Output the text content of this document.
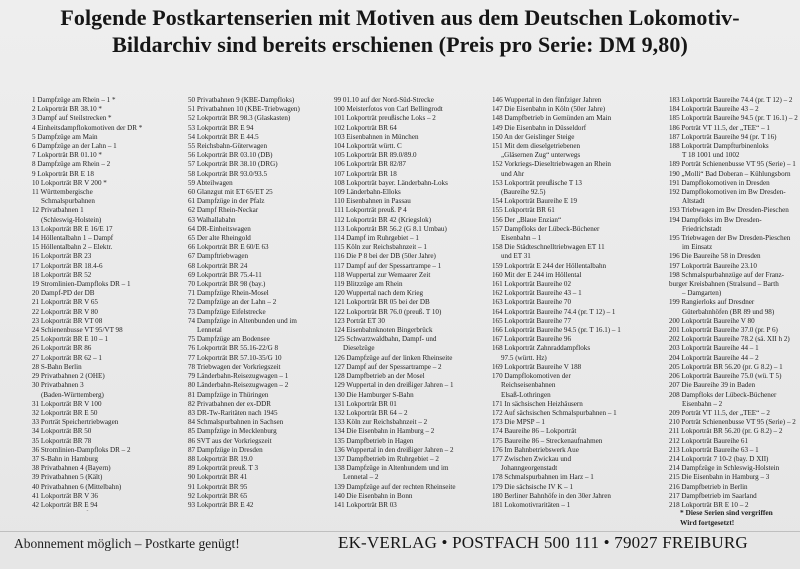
Folgende Postkartenserien mit Motiven aus dem Deutschen Lokomotiv-
Bildarchiv sind bereits erschienen (Preis pro Serie: DM 9,80)
1 Dampfzüge am Rhein – 1 *
2 Lokporträt BR 38.10 *
3 Dampf auf Steilstrecken *
4 Einheitsdampflokomotiven der DR *
5 Dampfzüge am Main
6 Dampfzüge an der Lahn – 1
7 Lokporträt BR 01.10 *
8 Dampfzüge am Rhein – 2
9 Lokporträt BR E 18
10 Lokporträt BR V 200 *
11 Württembergische
Schmalspurbahnen
12 Privatbahnen 1
(Schleswig-Holstein)
13 Lokporträt BR E 16/E 17
14 Höllentalbahn 1 – Dampf
15 Höllentalbahn 2 – Elektr.
16 Lokporträt BR 23
17 Lokporträt BR 18.4-6
18 Lokporträt BR 52
19 Stromlinien-Dampfloks DR – 1
20 Dampf-PD der DB
21 Lokporträt BR V 65
22 Lokporträt BR V 80
23 Lokporträt BR VT 08
24 Schienenbusse VT 95/VT 98
25 Lokporträt BR E 10 – 1
26 Lokporträt BR 86
27 Lokporträt BR 62 – 1
28 S-Bahn Berlin
29 Privatbahnen 2 (OHE)
30 Privatbahnen 3
(Baden-Württemberg)
31 Lokporträt BR V 100
32 Lokporträt BR E 50
33 Porträt Speichertriebwagen
34 Lokporträt BR 50
35 Lokporträt BR 78
36 Stromlinien-Dampfloks DR – 2
37 S-Bahn in Hamburg
38 Privatbahnen 4 (Bayern)
39 Privatbahnen 5 (Kält)
40 Privatbahnen 6 (Mittelbahn)
41 Lokporträt BR V 36
42 Lokporträt BR E 94
50 Privatbahnen 9 (KBE-Dampfloks)
51 Privatbahnen 10 (KBE-Triebwagen)
52 Lokporträt BR 98.3 (Glaskasten)
53 Lokporträt BR E 94
54 Lokporträt BR E 44.5
55 Reichsbahn-Güterwagen
56 Lokporträt BR 03.10 (DB)
57 Lokporträt BR 38.10 (DRG)
58 Lokporträt BR 93.0/93.5
59 Abteilwagen
60 Glanzgut mit ET 65/ET 25
61 Dampfzüge in der Pfalz
62 Dampf Rhein-Neckar
63 Walhallabahn
64 DR-Einheitswagen
65 Der alte Rheingold
66 Lokporträt BR E 60/E 63
67 Dampftriebwagen
68 Lokporträt BR 24
69 Lokporträt BR 75.4-11
70 Lokporträt BR 98 (bay.)
71 Dampfzüge Rhein-Mosel
72 Dampfzüge an der Lahn – 2
73 Dampfzüge Eifelstrecke
74 Dampfzüge in Altenbunden und im
Lennetal
75 Dampfzüge am Bodensee
76 Lokporträt BR 55.16-22/G 8
77 Lokporträt BR 57.10-35/G 10
78 Triebwagen der Vorkriegszeit
79 Länderbahn-Reisezugwagen – 1
80 Länderbahn-Reisezugwagen – 2
81 Dampfzüge in Thüringen
82 Privatbahnen der ex-DDR
83 DR-Tw-Raritäten nach 1945
84 Schmalspurbahnen in Sachsen
85 Dampfzüge in Mecklenburg
86 SVT aus der Vorkriegszeit
87 Dampfzüge in Dresden
88 Lokporträt BR 19.0
89 Lokporträt preuß. T 3
90 Lokporträt BR 41
91 Lokporträt BR 95
92 Lokporträt BR 65
93 Lokporträt BR E 42
99 01.10 auf der Nord-Süd-Strecke
100 Meisterfotos von Carl Bellingrodt
101 Lokporträt preußische Loks – 2
102 Lokporträt BR 64
103 Eisenbahnen in München
104 Lokporträt württ. C
105 Lokporträt BR 89.0/89.0
106 Lokporträt BR 82/87
107 Lokporträt BR 18
108 Lokporträt bayer. Länderbahn-Loks
109 Länderbahn-Elloks
110 Eisenbahnen in Passau
111 Lokporträt preuß. P 4
112 Lokporträt BR 42 (Kriegslok)
113 Lokporträt BR 56.2 (G 8.1 Umbau)
114 Dampf im Ruhrgebiet – 1
115 Köln zur Reichsbahnzeit – 1
116 Die P 8 bei der DB (50er Jahre)
117 Dampf auf der Spessartrampe – 1
118 Wuppertal zur Wemaarer Zeit
119 Blitzzüge am Rhein
120 Wuppertal nach dem Krieg
121 Lokporträt BR 05 bei der DB
122 Lokporträt BR 76.0 (preuß. T 10)
123 Porträt ET 30
124 Eisenbahnknoten Bingerbrück
125 Schwarzwaldbahn, Dampf- und
Dieselzüge
126 Dampfzüge auf der linken Rheinseite
127 Dampf auf der Spessartrampe – 2
128 Dampfbetrieb an der Mosel
129 Wuppertal in den dreißiger Jahren – 1
130 Die Hamburger S-Bahn
131 Lokporträt BR 01
132 Lokporträt BR 64 – 2
133 Köln zur Reichsbahnzeit – 2
134 Die Eisenbahn in Hamburg – 2
135 Dampfbetrieb in Hagen
136 Wuppertal in den dreißiger Jahren – 2
137 Dampfbetrieb im Ruhrgebiet – 2
138 Dampfzüge in Altenhundem und im
Lennetal – 2
139 Dampfzüge auf der rechten Rheinseite
140 Die Eisenbahn in Bonn
141 Lokporträt BR 03
146 Wuppertal in den fünfziger Jahren
147 Die Eisenbahn in Köln (50er Jahre)
148 Dampfbetrieb in Gemünden am Main
149 Die Eisenbahn in Düsseldorf
150 An der Geislinger Steige
151 Mit dem dieselgetriebenen
„Gläsernen Zug“ unterwegs
152 Vorkriegs-Dieseltriebwagen an Rhein
und Ahr
153 Lokporträt preußische T 13
(Baureihe 92.5)
154 Lokporträt Baureihe E 19
155 Lokporträt BR 61
156 Der „Blaue Enzian“
157 Dampfloks der Lübeck-Büchener
Eisenbahn – 1
158 Die Städteschnelltriebwagen ET 11
und ET 31
159 Lokporträt E 244 der Höllentalbahn
160 Mit der E 244 im Höllental
161 Lokporträt Baureihe 02
162 Lokporträt Baureihe 43 – 1
163 Lokporträt Baureihe 70
164 Lokporträt Baureihe 74.4 (pr. T 12) – 1
165 Lokporträt Baureihe 77
166 Lokporträt Baureihe 94.5 (pr. T 16.1) – 1
167 Lokporträt Baureihe 96
168 Lokporträt Zahnraddampfloks
97.5 (württ. Hz)
169 Lokporträt Baureihe V 188
170 Dampflokomotiven der
Reichseisenbahnen
Elsaß-Lothringen
171 In sächsischen Heizhäusern
172 Auf sächsischen Schmalspurbahnen – 1
173 Die MPSP – 1
174 Baureihe 86 – Lokporträt
175 Baureihe 86 – Streckenaufnahmen
176 Im Bahnbetriebswerk Aue
177 Zwischen Zwickau und
Johanngeorgenstadt
178 Schmalspurbahnen im Harz – 1
179 Die sächsische IV K – 1
180 Berliner Bahnhöfe in den 30er Jahren
181 Lokomotivraritäten – 1
183 Lokporträt Baureihe 74.4 (pr. T 12) – 2
184 Lokporträt Baureihe 43 – 2
185 Lokporträt Baureihe 94.5 (pr. T 16.1) – 2
186 Porträt VT 11.5, der „TEE“ – 1
187 Lokporträt Baureihe 94 (pr. T 16)
188 Lokporträt Dampfturbinenloks
T 18 1001 und 1002
189 Porträt Schienenbusse VT 95 (Serie) – 1
190 „Molli“ Bad Doberan – Kühlungsborn
191 Dampflokomotiven in Dresden
192 Dampflokomotiven im Bw Dresden-
Altstadt
193 Triebwagen im Bw Dresden-Pieschen
194 Dampfloks im Bw Dresden-
Friedrichstadt
195 Triebwagen der Bw Dresden-Pieschen
im Einsatz
196 Die Baureihe 58 in Dresden
197 Lokporträt Baureihe 23.10
198 Schmalspurbahnzüge auf der Franz-
burger Kreisbahnen (Stralsund – Barth
– Damgarten)
199 Rangierloks auf Dresdner
Güterbahnhöfen (BR 89 und 98)
200 Lokporträt Baureihe V 80
201 Lokporträt Baureihe 37.0 (pr. P 6)
202 Lokporträt Baureihe 78.2 (sä. XII h 2)
203 Lokporträt Baureihe 44 – 1
204 Lokporträt Baureihe 44 – 2
205 Lokporträt BR 56.20 (pr. G 8.2) – 1
206 Lokporträt Baureihe 75.0 (wü. T 5)
207 Die Baureihe 39 in Baden
208 Dampfloks der Lübeck-Büchener
Eisenbahn – 2
209 Porträt VT 11.5, der „TEE“ – 2
210 Porträt Schienenbusse VT 95 (Serie) – 2
211 Lokporträt BR 56.20 (pr. G 8.2) – 2
212 Lokporträt Baureihe 61
213 Lokporträt Baureihe 63 – 1
214 Lokporträt 7 10-2 (bay. D XII)
214 Dampfzüge in Schleswig-Holstein
215 Die Eisenbahn in Hamburg – 3
216 Dampfbetrieb in Berlin
217 Dampfbetrieb im Saarland
218 Lokporträt BR E 10 – 2
* Diese Serien sind vergriffen Wird fortgesetzt!
Abonnement möglich – Postkarte genügt!	EK-VERLAG • POSTFACH 500 111 • 79027 FREIBURG
